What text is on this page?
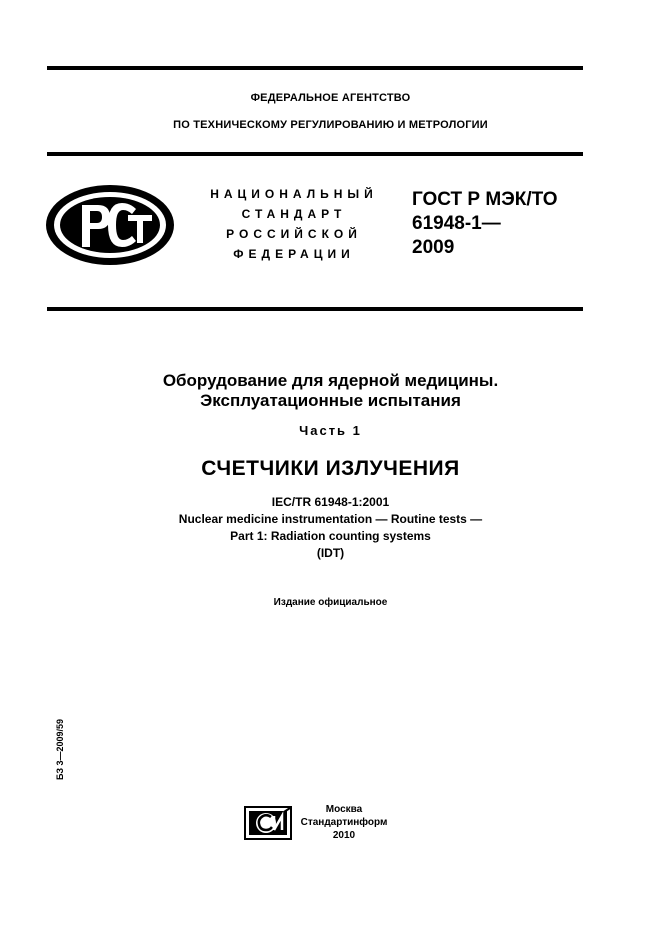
ФЕДЕРАЛЬНОЕ АГЕНТСТВО
ПО ТЕХНИЧЕСКОМУ РЕГУЛИРОВАНИЮ И МЕТРОЛОГИИ
НАЦИОНАЛЬНЫЙ
СТАНДАРТ
РОССИЙСКОЙ
ФЕДЕРАЦИИ
ГОСТ Р МЭК/ТО
61948-1—
2009
Оборудование для ядерной медицины.
Эксплуатационные испытания
Часть 1
СЧЕТЧИКИ ИЗЛУЧЕНИЯ
IEC/TR 61948-1:2001
Nuclear medicine instrumentation — Routine tests —
Part 1: Radiation counting systems
(IDT)
Издание официальное
БЗ 3—2009/59
Москва
Стандартинформ
2010
